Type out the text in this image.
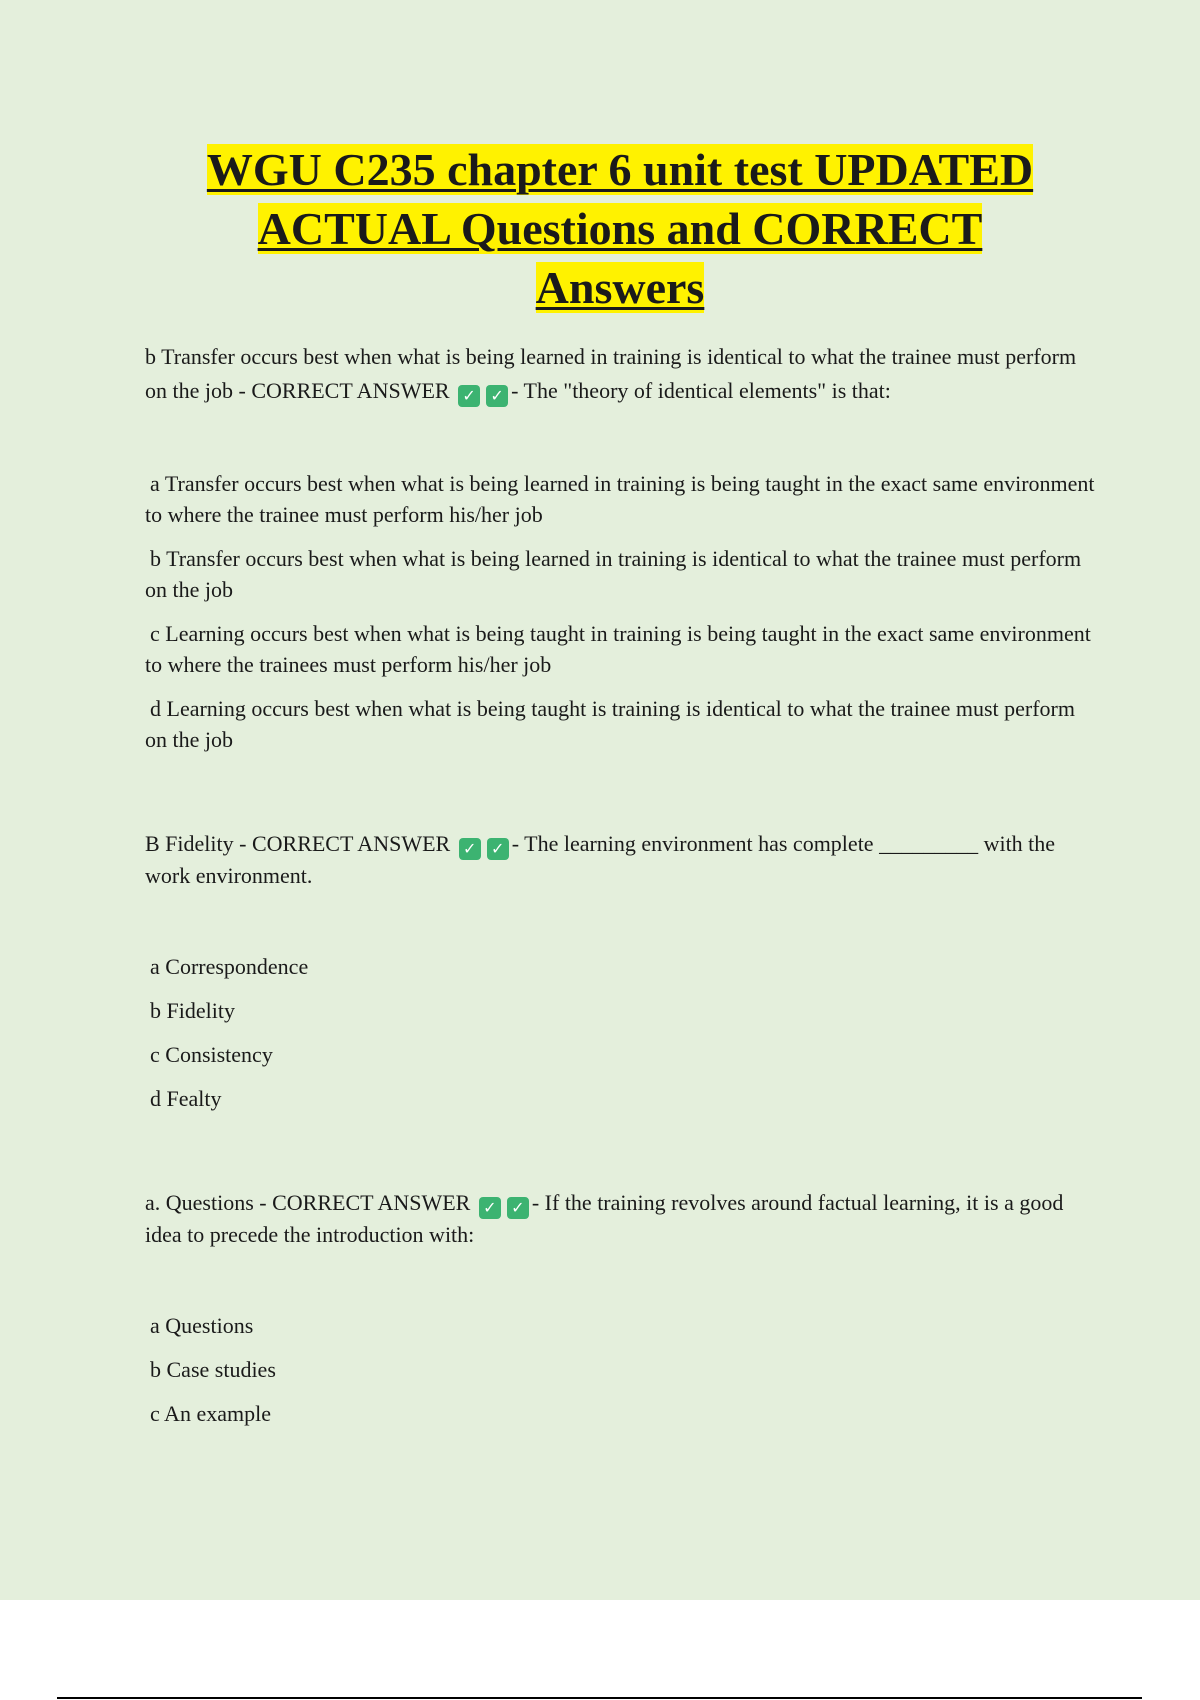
WGU C235 chapter 6 unit test UPDATED
ACTUAL Questions and CORRECT
Answers

b Transfer occurs best when what is being learned in training is identical to what the trainee must perform on the job - CORRECT ANSWER ✓ ✓ - The "theory of identical elements" is that:

a Transfer occurs best when what is being learned in training is being taught in the exact same environment to where the trainee must perform his/her job

b Transfer occurs best when what is being learned in training is identical to what the trainee must perform on the job

c Learning occurs best when what is being taught in training is being taught in the exact same environment to where the trainees must perform his/her job

d Learning occurs best when what is being taught is training is identical to what the trainee must perform on the job

B Fidelity - CORRECT ANSWER ✓ ✓ - The learning environment has complete _________ with the work environment.

a Correspondence

b Fidelity

c Consistency

d Fealty

a. Questions - CORRECT ANSWER ✓ ✓ - If the training revolves around factual learning, it is a good idea to precede the introduction with:

a Questions

b Case studies

c An example
